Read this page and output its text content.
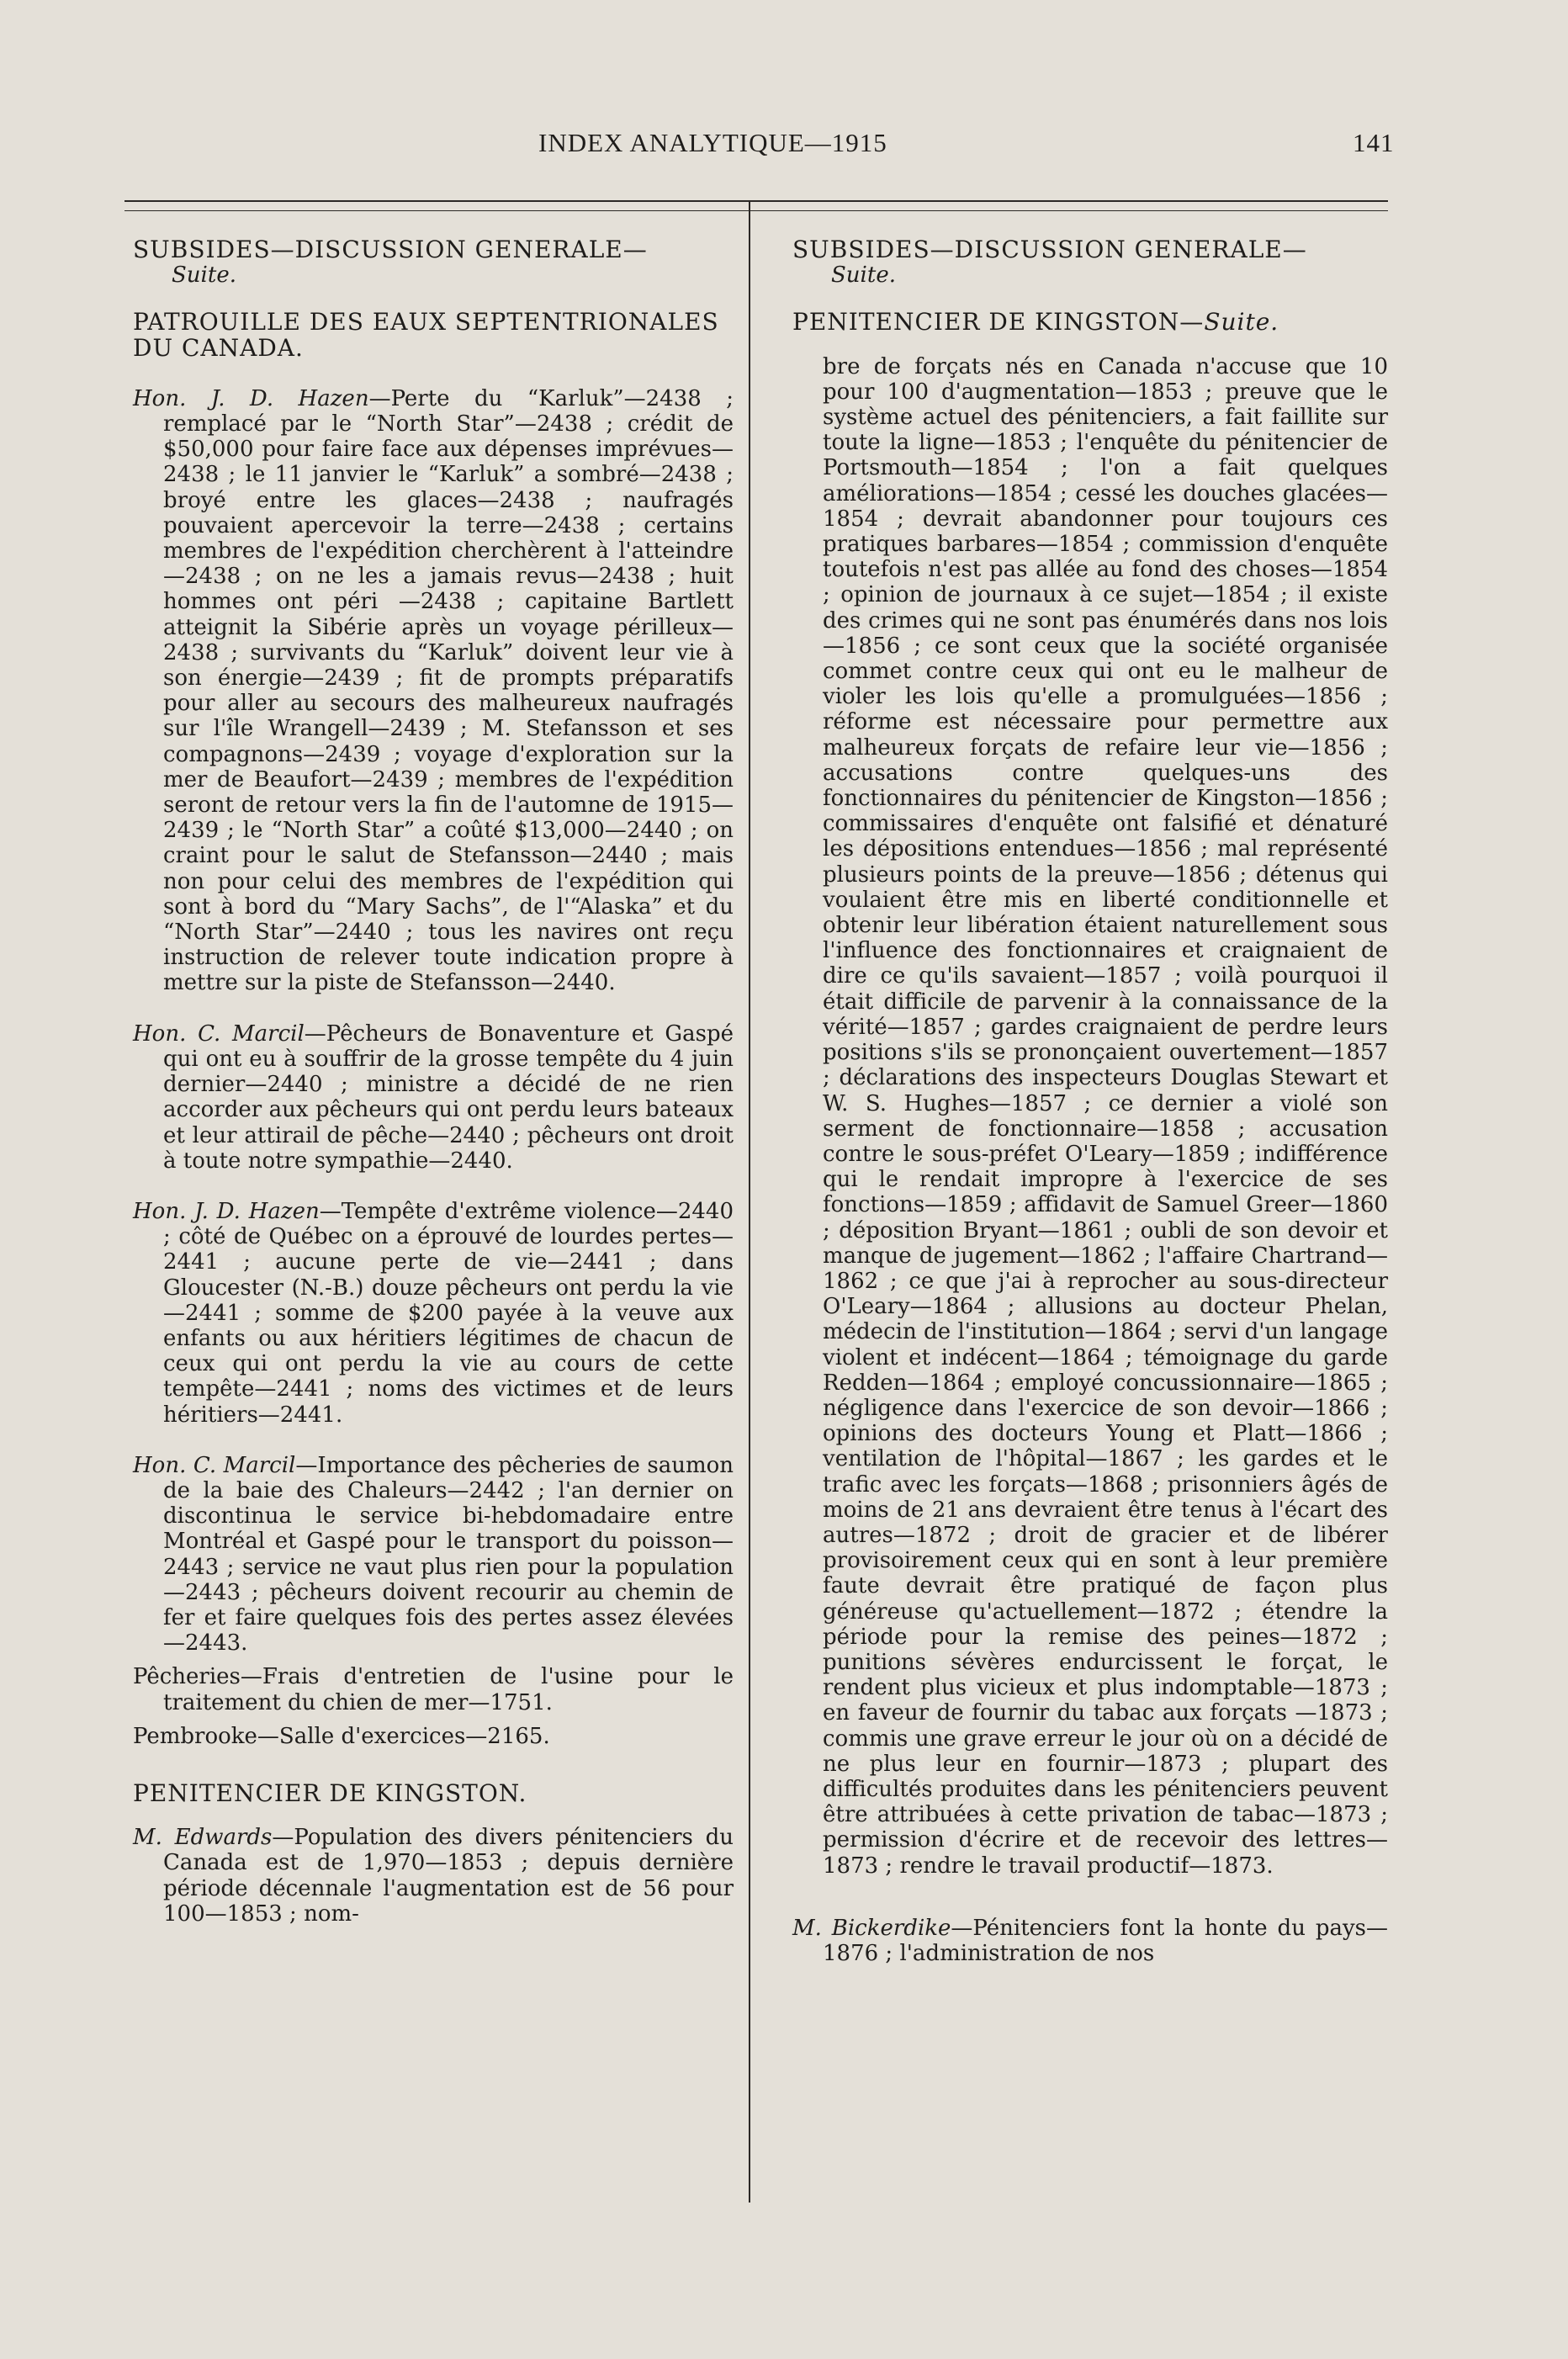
INDEX ANALYTIQUE—1915	141

SUBSIDES—DISCUSSION GENERALE—
Suite.

PATROUILLE DES EAUX SEPTENTRIONALES DU CANADA.

Hon. J. D. Hazen—Perte du “Karluk”—2438 ; remplacé par le “North Star”—2438 ; crédit de $50,000 pour faire face aux dépenses imprévues—2438 ; le 11 janvier le “Karluk” a sombré—2438 ; broyé entre les glaces—2438 ; naufragés pouvaient apercevoir la terre—2438 ; certains membres de l'expédition cherchèrent à l'atteindre—2438 ; on ne les a jamais revus—2438 ; huit hommes ont péri —2438 ; capitaine Bartlett atteignit la Sibérie après un voyage périlleux—2438 ; survivants du “Karluk” doivent leur vie à son énergie—2439 ; fit de prompts préparatifs pour aller au secours des malheureux naufragés sur l'île Wrangell—2439 ; M. Stefansson et ses compagnons—2439 ; voyage d'exploration sur la mer de Beaufort—2439 ; membres de l'expédition seront de retour vers la fin de l'automne de 1915—2439 ; le “North Star” a coûté $13,000—2440 ; on craint pour le salut de Stefansson—2440 ; mais non pour celui des membres de l'expédition qui sont à bord du “Mary Sachs”, de l'“Alaska” et du “North Star”—2440 ; tous les navires ont reçu instruction de relever toute indication propre à mettre sur la piste de Stefansson—2440.

Hon. C. Marcil—Pêcheurs de Bonaventure et Gaspé qui ont eu à souffrir de la grosse tempête du 4 juin dernier—2440 ; ministre a décidé de ne rien accorder aux pêcheurs qui ont perdu leurs bateaux et leur attirail de pêche—2440 ; pêcheurs ont droit à toute notre sympathie—2440.

Hon. J. D. Hazen—Tempête d'extrême violence—2440 ; côté de Québec on a éprouvé de lourdes pertes—2441 ; aucune perte de vie—2441 ; dans Gloucester (N.-B.) douze pêcheurs ont perdu la vie—2441 ; somme de $200 payée à la veuve aux enfants ou aux héritiers légitimes de chacun de ceux qui ont perdu la vie au cours de cette tempête—2441 ; noms des victimes et de leurs héritiers—2441.

Hon. C. Marcil—Importance des pêcheries de saumon de la baie des Chaleurs—2442 ; l'an dernier on discontinua le service bi-hebdomadaire entre Montréal et Gaspé pour le transport du poisson—2443 ; service ne vaut plus rien pour la population—2443 ; pêcheurs doivent recourir au chemin de fer et faire quelques fois des pertes assez élevées—2443.

Pêcheries—Frais d'entretien de l'usine pour le traitement du chien de mer—1751.

Pembrooke—Salle d'exercices—2165.

PENITENCIER DE KINGSTON.

M. Edwards—Population des divers pénitenciers du Canada est de 1,970—1853 ; depuis dernière période décennale l'augmentation est de 56 pour 100—1853 ; nom-

SUBSIDES—DISCUSSION GENERALE—
Suite.

PENITENCIER DE KINGSTON—Suite.

bre de forçats nés en Canada n'accuse que 10 pour 100 d'augmentation—1853 ; preuve que le système actuel des pénitenciers, a fait faillite sur toute la ligne—1853 ; l'enquête du pénitencier de Portsmouth—1854 ; l'on a fait quelques améliorations—1854 ; cessé les douches glacées—1854 ; devrait abandonner pour toujours ces pratiques barbares—1854 ; commission d'enquête toutefois n'est pas allée au fond des choses—1854 ; opinion de journaux à ce sujet—1854 ; il existe des crimes qui ne sont pas énumérés dans nos lois—1856 ; ce sont ceux que la société organisée commet contre ceux qui ont eu le malheur de violer les lois qu'elle a promulguées—1856 ; réforme est nécessaire pour permettre aux malheureux forçats de refaire leur vie—1856 ; accusations contre quelques-uns des fonctionnaires du pénitencier de Kingston—1856 ; commissaires d'enquête ont falsifié et dénaturé les dépositions entendues—1856 ; mal représenté plusieurs points de la preuve—1856 ; détenus qui voulaient être mis en liberté conditionnelle et obtenir leur libération étaient naturellement sous l'influence des fonctionnaires et craignaient de dire ce qu'ils savaient—1857 ; voilà pourquoi il était difficile de parvenir à la connaissance de la vérité—1857 ; gardes craignaient de perdre leurs positions s'ils se prononçaient ouvertement—1857 ; déclarations des inspecteurs Douglas Stewart et W. S. Hughes—1857 ; ce dernier a violé son serment de fonctionnaire—1858 ; accusation contre le sous-préfet O'Leary—1859 ; indifférence qui le rendait impropre à l'exercice de ses fonctions—1859 ; affidavit de Samuel Greer—1860 ; déposition Bryant—1861 ; oubli de son devoir et manque de jugement—1862 ; l'affaire Chartrand—1862 ; ce que j'ai à reprocher au sous-directeur O'Leary—1864 ; allusions au docteur Phelan, médecin de l'institution—1864 ; servi d'un langage violent et indécent—1864 ; témoignage du garde Redden—1864 ; employé concussionnaire—1865 ; négligence dans l'exercice de son devoir—1866 ; opinions des docteurs Young et Platt—1866 ; ventilation de l'hôpital—1867 ; les gardes et le trafic avec les forçats—1868 ; prisonniers âgés de moins de 21 ans devraient être tenus à l'écart des autres—1872 ; droit de gracier et de libérer provisoirement ceux qui en sont à leur première faute devrait être pratiqué de façon plus généreuse qu'actuellement—1872 ; étendre la période pour la remise des peines—1872 ; punitions sévères endurcissent le forçat, le rendent plus vicieux et plus indomptable—1873 ; en faveur de fournir du tabac aux forçats —1873 ; commis une grave erreur le jour où on a décidé de ne plus leur en fournir—1873 ; plupart des difficultés produites dans les pénitenciers peuvent être attribuées à cette privation de tabac—1873 ; permission d'écrire et de recevoir des lettres—1873 ; rendre le travail productif—1873.

M. Bickerdike—Pénitenciers font la honte du pays—1876 ; l'administration de nos
